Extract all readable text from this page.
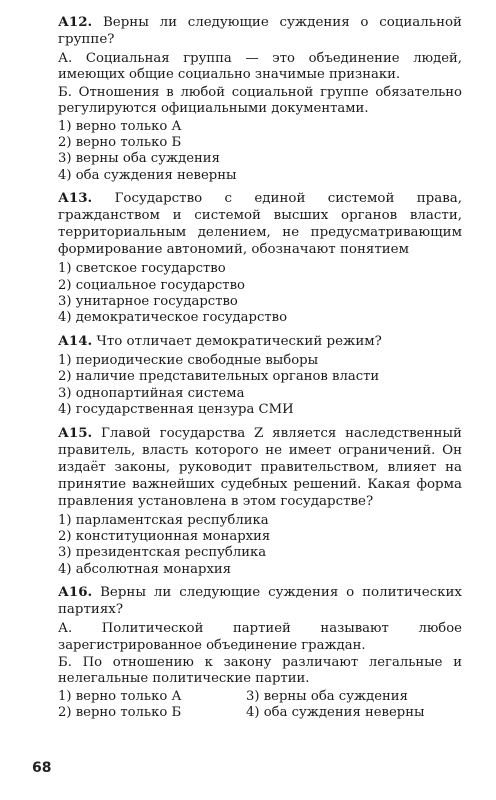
А12. Верны ли следующие суждения о социальной группе?

А. Социальная группа — это объединение людей, имеющих общие социально значимые признаки.

Б. Отношения в любой социальной группе обязательно регулируются официальными документами.

1) верно только А

2) верно только Б

3) верны оба суждения

4) оба суждения неверны

А13. Государство с единой системой права, гражданством и системой высших органов власти, территориальным делением, не предусматривающим формирование автономий, обозначают понятием

1) светское государство

2) социальное государство

3) унитарное государство

4) демократическое государство

А14. Что отличает демократический режим?

1) периодические свободные выборы

2) наличие представительных органов власти

3) однопартийная система

4) государственная цензура СМИ

А15. Главой государства Z является наследственный правитель, власть которого не имеет ограничений. Он издаёт законы, руководит правительством, влияет на принятие важнейших судебных решений. Какая форма правления установлена в этом государстве?

1) парламентская республика

2) конституционная монархия

3) президентская республика

4) абсолютная монархия

А16. Верны ли следующие суждения о политических партиях?

А. Политической партией называют любое зарегистрированное объединение граждан.

Б. По отношению к закону различают легальные и нелегальные политические партии.

1) верно только А	3) верны оба суждения
2) верно только Б	4) оба суждения неверны
68
